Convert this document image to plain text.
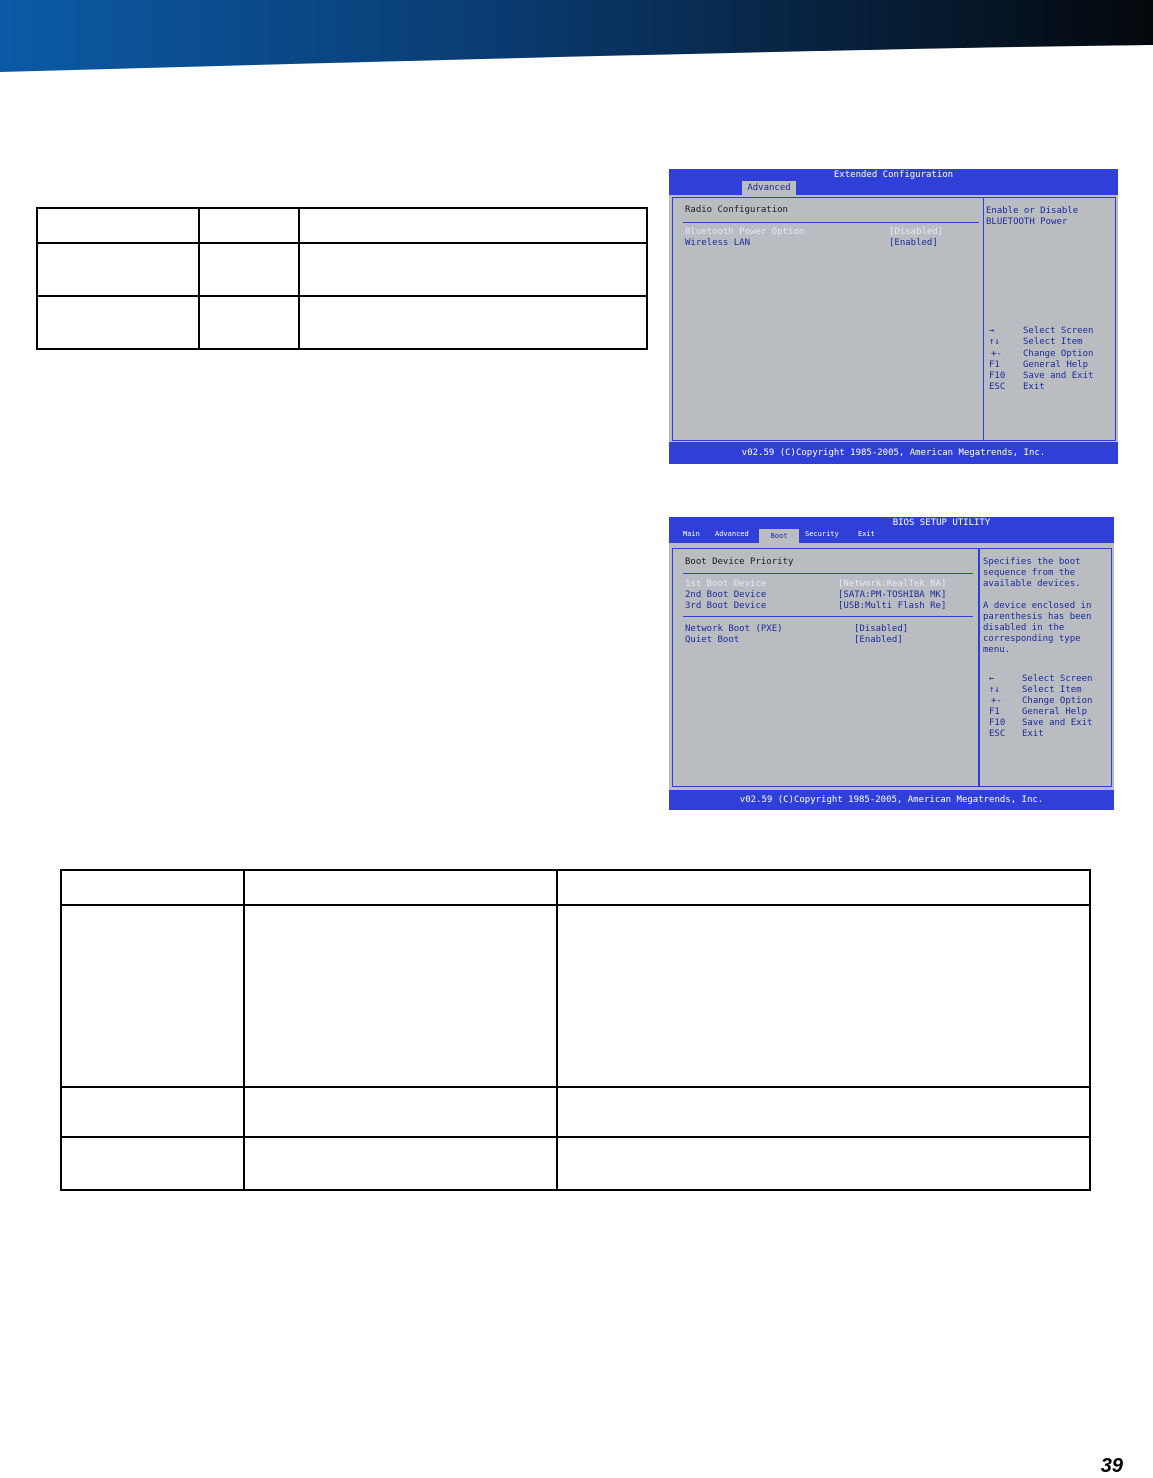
Extended Configuration
Advanced
Radio Configuration
Bluetooth Power Option	[Disabled]
Wireless LAN	[Enabled]
Enable or Disable
BLUETOOTH Power
→	Select Screen
↑↓	Select Item
+- Change Option
F1	General Help
F10 Save and Exit
ESC Exit
v02.59 (C)Copyright 1985-2005, American Megatrends, Inc.
BIOS SETUP UTILITY
Main Advanced	Boot	Security	Exit
Boot Device Priority
1st Boot Device	[Network:RealTek BA]
2nd Boot Device	[SATA:PM-TOSHIBA MK]
3rd Boot Device	[USB:Multi Flash Re]
Network Boot (PXE)	[Disabled]
Quiet Boot	[Enabled]
Specifies the boot
sequence from the
available devices.
A device enclosed in
parenthesis has been
disabled in the
corresponding type
menu.
←	Select Screen
↑↓ Select Item
+- Change Option
F1 General Help
F10 Save and Exit
ESC Exit
v02.59 (C)Copyright 1985-2005, American Megatrends, Inc.

39
